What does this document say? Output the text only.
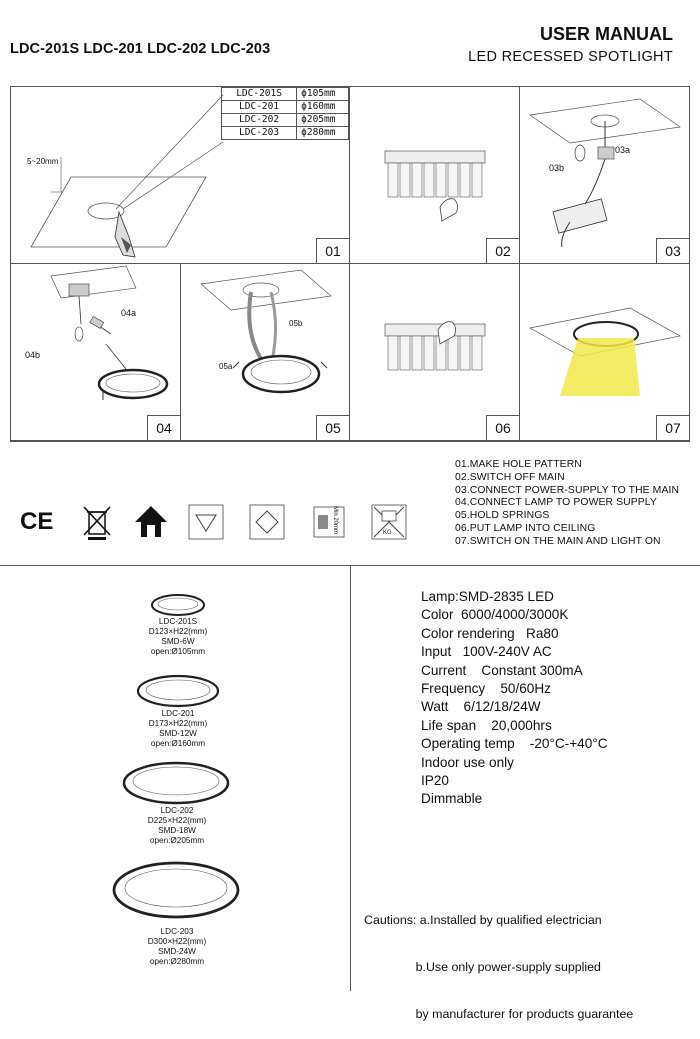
LDC-201S LDC-201 LDC-202 LDC-203
USER MANUAL
LED RECESSED SPOTLIGHT
5~20mm
LDC-201S	ϕ105mm
LDC-201	ϕ160mm
LDC-202	ϕ205mm
LDC-203	ϕ280mm
01	02
03a
03b
03
04a
04b
04
05b
05a
05	06	07
01.MAKE HOLE PATTERN
02.SWITCH OFF MAIN
03.CONNECT POWER-SUPPLY TO THE MAIN
04.CONNECT LAMP TO POWER SUPPLY
05.HOLD SPRINGS
06.PUT LAMP INTO CEILING
07.SWITCH ON THE MAIN AND LIGHT ON
CE	Min 20mm	KG
LDC-201S
D123×H22(mm)
SMD-6W
open:Ø105mm
LDC-201
D173×H22(mm)
SMD-12W
open:Ø160mm
LDC-202
D225×H22(mm)
SMD-18W
open:Ø205mm
LDC-203
D300×H22(mm)
SMD-24W
open:Ø280mm
Lamp:SMD-2835 LED
Color  6000/4000/3000K
Color rendering   Ra80
Input   100V-240V AC
Current    Constant 300mA
Frequency    50/60Hz
Watt    6/12/18/24W
Life span    20,000hrs
Operating temp    -20°C-+40°C
Indoor use only
IP20
Dimmable

Cautions: a.Installed by qualified electrician

b.Use only power-supply supplied

by manufacturer for products guarantee
